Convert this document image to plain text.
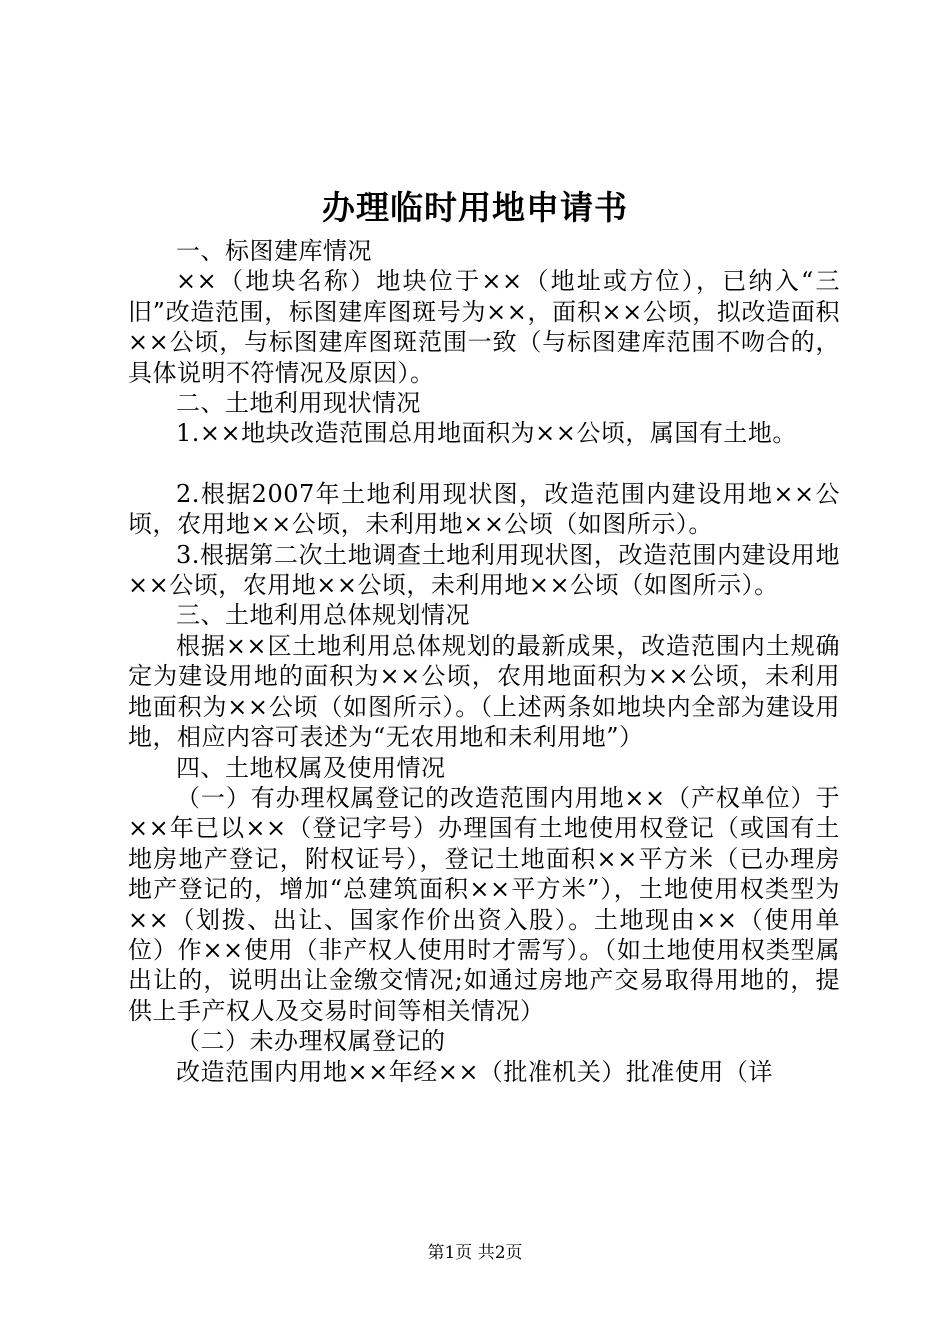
办理临时用地申请书

一、标图建库情况

××（地块名称）地块位于××（地址或方位），已纳入“三旧”改造范围，标图建库图斑号为××，面积××公顷，拟改造面积××公顷，与标图建库图斑范围一致（与标图建库范围不吻合的，具体说明不符情况及原因）。

二、土地利用现状情况

1.××地块改造范围总用地面积为××公顷，属国有土地。

2.根据2007年土地利用现状图，改造范围内建设用地××公顷，农用地××公顷，未利用地××公顷（如图所示）。

3.根据第二次土地调查土地利用现状图，改造范围内建设用地××公顷，农用地××公顷，未利用地××公顷（如图所示）。

三、土地利用总体规划情况

根据××区土地利用总体规划的最新成果，改造范围内土规确定为建设用地的面积为××公顷，农用地面积为××公顷，未利用地面积为××公顷（如图所示）。（上述两条如地块内全部为建设用地，相应内容可表述为“无农用地和未利用地”）

四、土地权属及使用情况

（一）有办理权属登记的改造范围内用地××（产权单位）于××年已以××（登记字号）办理国有土地使用权登记（或国有土地房地产登记，附权证号），登记土地面积××平方米（已办理房地产登记的，增加“总建筑面积××平方米”），土地使用权类型为××（划拨、出让、国家作价出资入股）。土地现由××（使用单位）作××使用（非产权人使用时才需写）。（如土地使用权类型属出让的，说明出让金缴交情况;如通过房地产交易取得用地的，提供上手产权人及交易时间等相关情况）

（二）未办理权属登记的

改造范围内用地××年经××（批准机关）批准使用（详

第1页 共2页
